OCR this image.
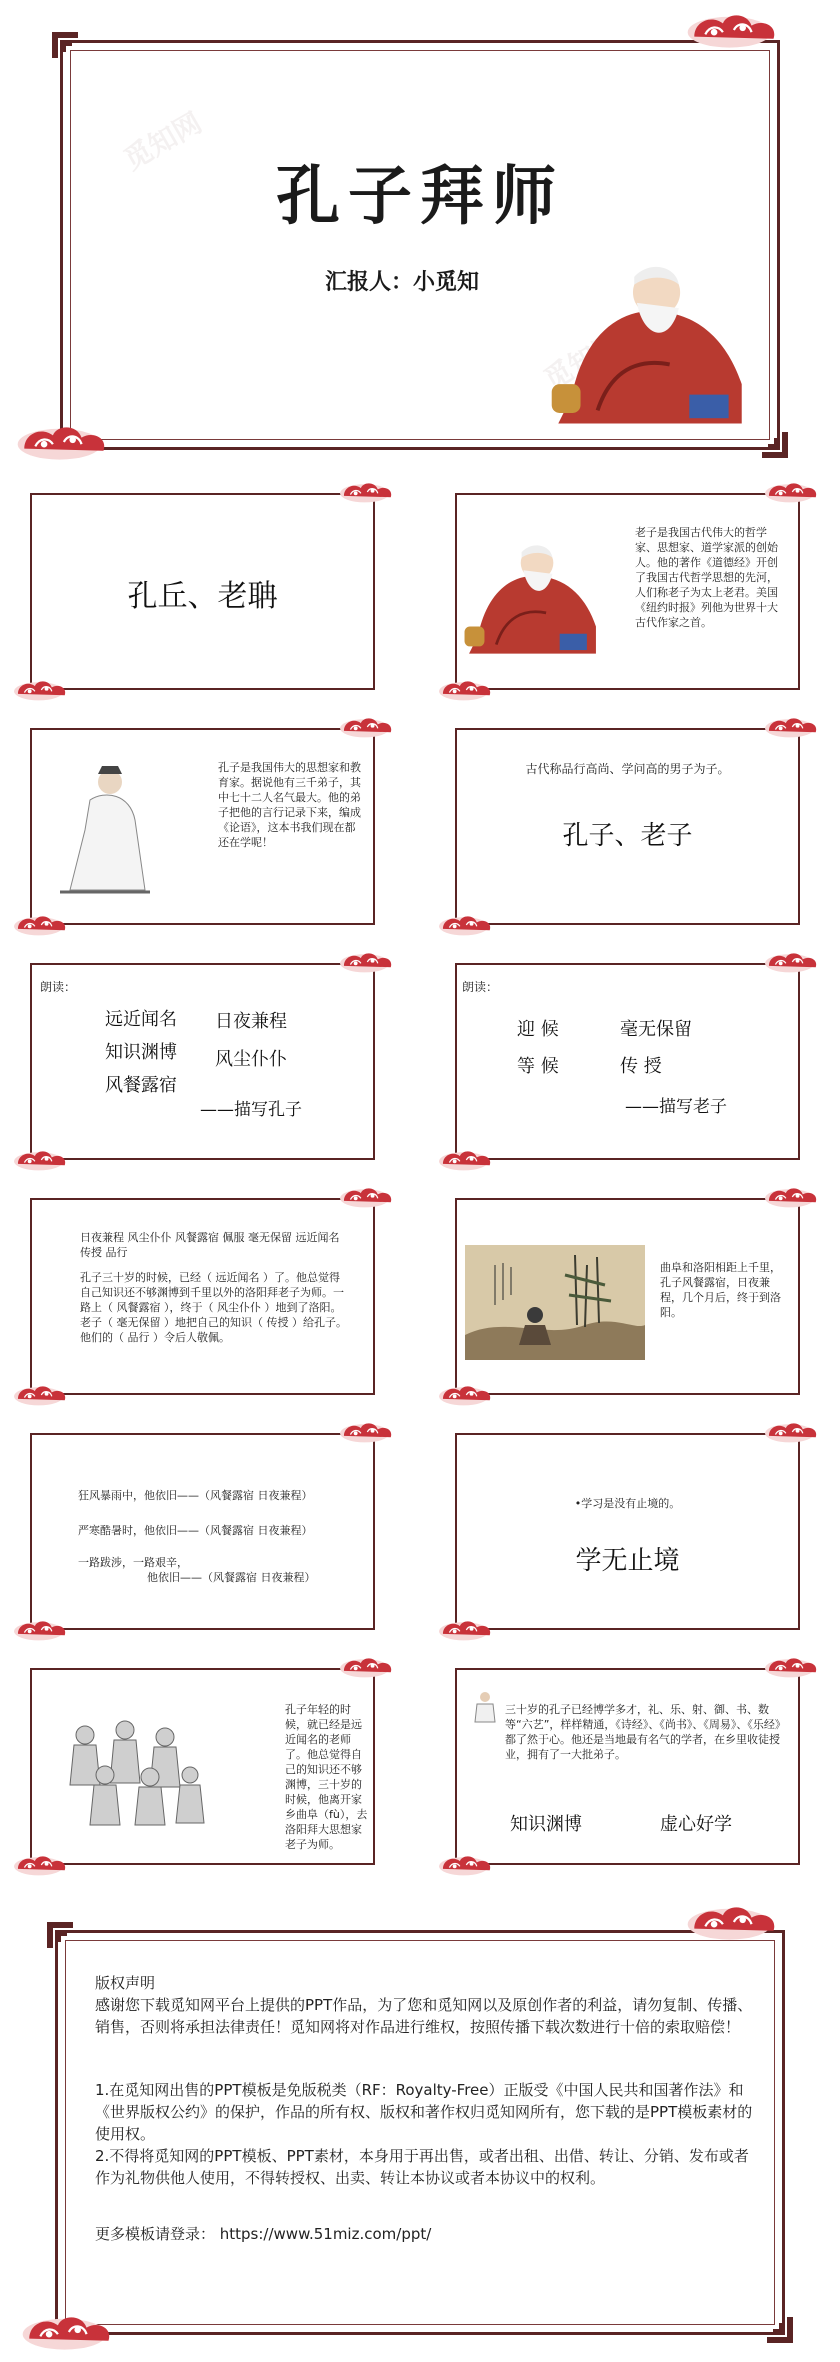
觅知网
觅知网
孔子拜师
汇报人：小觅知
孔丘、老聃
老子是我国古代伟大的哲学家、思想家、道学家派的创始人。他的著作《道德经》开创了我国古代哲学思想的先河，人们称老子为太上老君。美国《纽约时报》列他为世界十大古代作家之首。
孔子是我国伟大的思想家和教育家。据说他有三千弟子，其中七十二人名气最大。他的弟子把他的言行记录下来，编成《论语》，这本书我们现在都还在学呢！
古代称品行高尚、学问高的男子为子。
孔子、老子
朗读：
远近闻名 日夜兼程
知识渊博 风尘仆仆
风餐露宿
——描写孔子
朗读：
迎 候	毫无保留
等 候	传 授
——描写老子
日夜兼程 风尘仆仆 风餐露宿 佩服 毫无保留 远近闻名 传授 品行
孔子三十岁的时候，已经（ 远近闻名 ）了。他总觉得自己知识还不够渊博到千里以外的洛阳拜老子为师。一路上（ 风餐露宿 ），终于（ 风尘仆仆 ）地到了洛阳。老子（ 毫无保留 ）地把自己的知识（ 传授 ）给孔子。他们的（ 品行 ）令后人敬佩。
曲阜和洛阳相距上千里，孔子风餐露宿，日夜兼程，几个月后，终于到洛阳。
狂风暴雨中，他依旧——（风餐露宿 日夜兼程）
严寒酷暑时，他依旧——（风餐露宿 日夜兼程）
一路跋涉，一路艰辛，
他依旧——（风餐露宿 日夜兼程）
•学习是没有止境的。
学无止境
孔子年轻的时候，就已经是远近闻名的老师了。他总觉得自己的知识还不够渊博，三十岁的时候，他离开家乡曲阜（fù），去洛阳拜大思想家老子为师。
三十岁的孔子已经博学多才，礼、乐、射、御、书、数等“六艺”，样样精通，《诗经》、《尚书》、《周易》、《乐经》都了然于心。他还是当地最有名气的学者，在乡里收徒授业，拥有了一大批弟子。
知识渊博	虚心好学
版权声明
感谢您下载觅知网平台上提供的PPT作品，为了您和觅知网以及原创作者的利益，请勿复制、传播、销售，否则将承担法律责任！觅知网将对作品进行维权，按照传播下载次数进行十倍的索取赔偿！
1.在觅知网出售的PPT模板是免版税类（RF：Royalty-Free）正版受《中国人民共和国著作法》和《世界版权公约》的保护，作品的所有权、版权和著作权归觅知网所有，您下载的是PPT模板素材的使用权。
2.不得将觅知网的PPT模板、PPT素材，本身用于再出售，或者出租、出借、转让、分销、发布或者作为礼物供他人使用，不得转授权、出卖、转让本协议或者本协议中的权利。
更多模板请登录： https://www.51miz.com/ppt/
